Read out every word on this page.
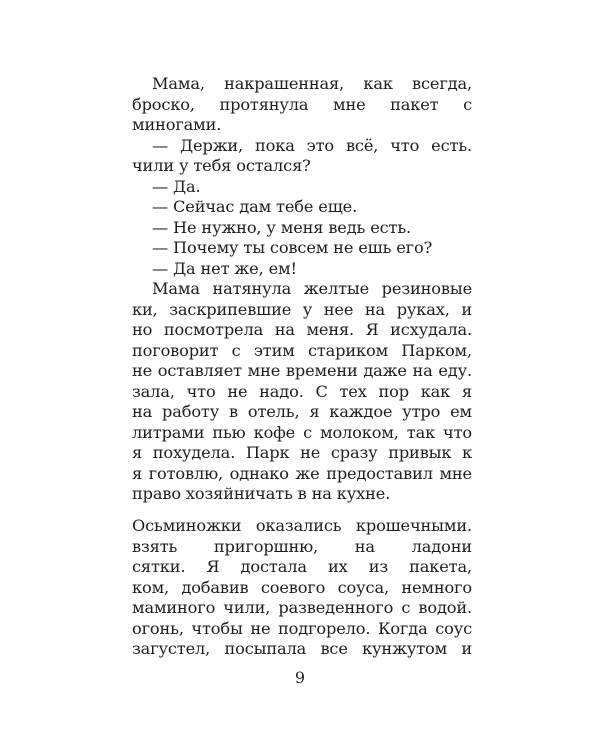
Мама, накрашенная, как всегда,
броско, протянула мне пакет с
миногами.
— Держи, пока это всё, что есть.
чили у тебя остался?
— Да.
— Сейчас дам тебе еще.
— Не нужно, у меня ведь есть.
— Почему ты совсем не ешь его?
— Да нет же, ем!
Мама натянула желтые резиновые
ки, заскрипевшие у нее на руках, и
но посмотрела на меня. Я исхудала.
поговорит с этим стариком Парком,
не оставляет мне времени даже на еду.
зала, что не надо. С тех пор как я
на работу в отель, я каждое утро ем
литрами пью кофе с молоком, так что
я похудела. Парк не сразу привык к
я готовлю, однако же предоставил мне
право хозяйничать в на кухне.
Осьминожки оказались крошечными.
взять пригоршню, на ладони
сятки. Я достала их из пакета,
ком, добавив соевого соуса, немного
маминого чили, разведенного с водой.
огонь, чтобы не подгорело. Когда соус
загустел, посыпала все кунжутом и
9
